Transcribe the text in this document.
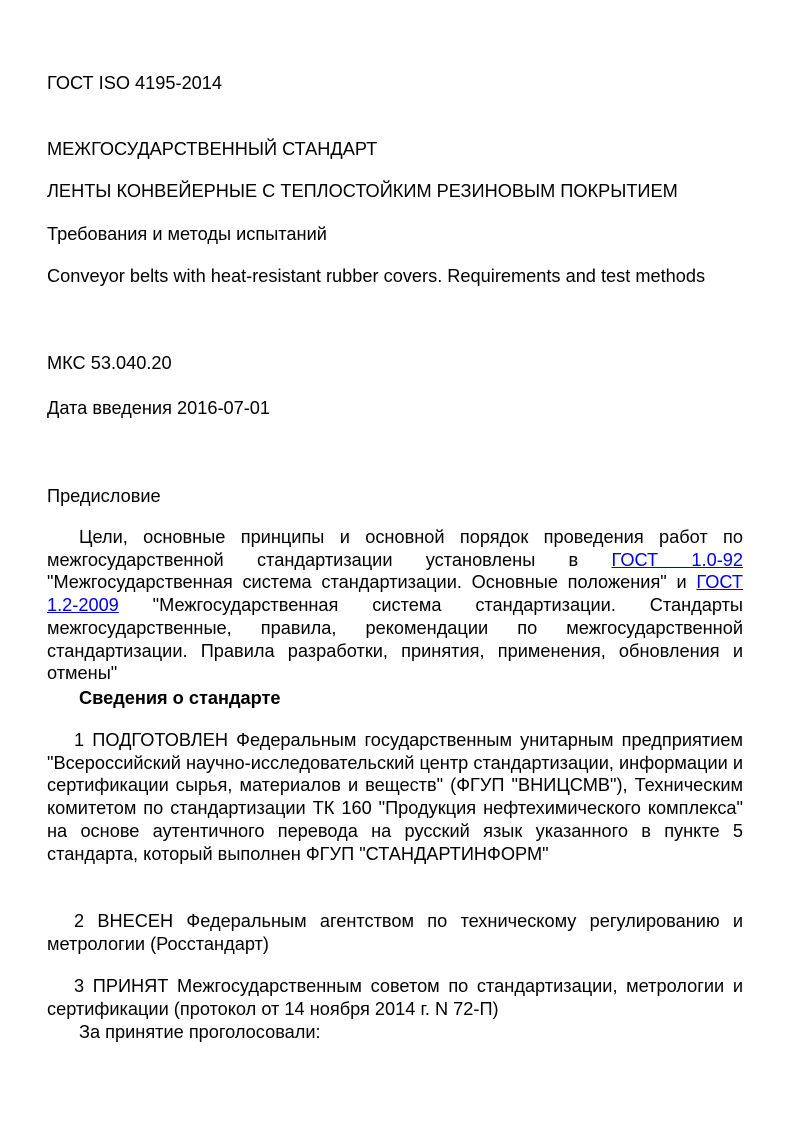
ГОСТ ISO 4195-2014
МЕЖГОСУДАРСТВЕННЫЙ СТАНДАРТ
ЛЕНТЫ КОНВЕЙЕРНЫЕ С ТЕПЛОСТОЙКИМ РЕЗИНОВЫМ ПОКРЫТИЕМ
Требования и методы испытаний
Conveyor belts with heat-resistant rubber covers. Requirements and test methods
МКС 53.040.20
Дата введения 2016-07-01
Предисловие

Цели, основные принципы и основной порядок проведения работ по межгосударственной стандартизации установлены в ГОСТ 1.0-92 "Межгосударственная система стандартизации. Основные положения" и ГОСТ 1.2-2009 "Межгосударственная система стандартизации. Стандарты межгосударственные, правила, рекомендации по межгосударственной стандартизации. Правила разработки, принятия, применения, обновления и отмены"

Сведения о стандарте

1 ПОДГОТОВЛЕН Федеральным государственным унитарным предприятием "Всероссийский научно-исследовательский центр стандартизации, информации и сертификации сырья, материалов и веществ" (ФГУП "ВНИЦСМВ"), Техническим комитетом по стандартизации ТК 160 "Продукция нефтехимического комплекса" на основе аутентичного перевода на русский язык указанного в пункте 5 стандарта, который выполнен ФГУП "СТАНДАРТИНФОРМ"

2 ВНЕСЕН Федеральным агентством по техническому регулированию и метрологии (Росстандарт)

3 ПРИНЯТ Межгосударственным советом по стандартизации, метрологии и сертификации (протокол от 14 ноября 2014 г. N 72-П)

За принятие проголосовали:
